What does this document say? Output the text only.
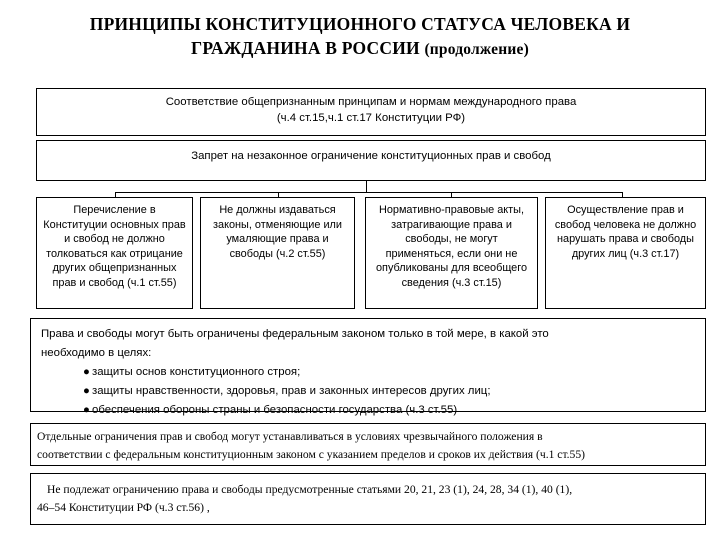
ПРИНЦИПЫ КОНСТИТУЦИОННОГО СТАТУСА ЧЕЛОВЕКА И
ГРАЖДАНИНА В РОССИИ (продолжение)
Соответствие общепризнанным принципам и нормам международного права
(ч.4 ст.15,ч.1 ст.17 Конституции РФ)
Запрет на незаконное ограничение конституционных прав и свобод
Перечисление в Конституции основных прав и свобод не должно толковаться как отрицание других общепризнанных прав и свобод (ч.1 ст.55)
Не должны издаваться законы, отменяющие или умаляющие права и свободы (ч.2 ст.55)
Нормативно-правовые акты, затрагивающие права и свободы, не могут применяться, если они не опубликованы для всеобщего сведения (ч.3 ст.15)
Осуществление прав и свобод человека не должно нарушать права и свободы других лиц (ч.3 ст.17)
Права и свободы могут быть ограничены федеральным законом только в той мере, в какой это
необходимо в целях:
● защиты основ конституционного строя;
● защиты нравственности, здоровья, прав и законных интересов других лиц;
● обеспечения обороны страны и безопасности государства (ч.3 ст.55)
Отдельные ограничения прав и свобод могут устанавливаться в условиях чрезвычайного положения в
соответствии с федеральным конституционным законом с указанием пределов и сроков их действия (ч.1 ст.55)
Не подлежат ограничению права и свободы предусмотренные статьями 20, 21, 23 (1), 24, 28, 34 (1), 40 (1),
46–54 Конституции РФ (ч.3 ст.56) ,
